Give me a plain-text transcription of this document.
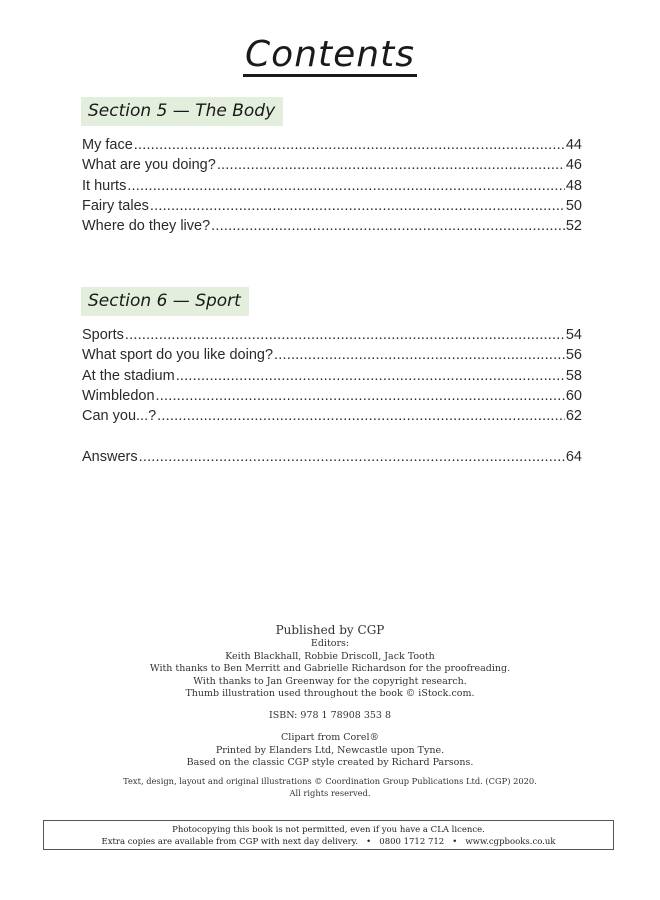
Contents
Section 5 — The Body
My face .....	44
What are you doing? .....	46
It hurts .....	48
Fairy tales .....	50
Where do they live? .....	52
Section 6 — Sport
Sports .....	54
What sport do you like doing? .....	56
At the stadium .....	58
Wimbledon .....	60
Can you...? .....	62
Answers .....	64
Published by CGP
Editors:
Keith Blackhall, Robbie Driscoll, Jack Tooth
With thanks to Ben Merritt and Gabrielle Richardson for the proofreading.
With thanks to Jan Greenway for the copyright research.
Thumb illustration used throughout the book © iStock.com.
ISBN: 978 1 78908 353 8
Clipart from Corel®
Printed by Elanders Ltd, Newcastle upon Tyne.
Based on the classic CGP style created by Richard Parsons.
Text, design, layout and original illustrations © Coordination Group Publications Ltd. (CGP) 2020.
All rights reserved.
Photocopying this book is not permitted, even if you have a CLA licence.
Extra copies are available from CGP with next day delivery.   •   0800 1712 712   •   www.cgpbooks.co.uk
